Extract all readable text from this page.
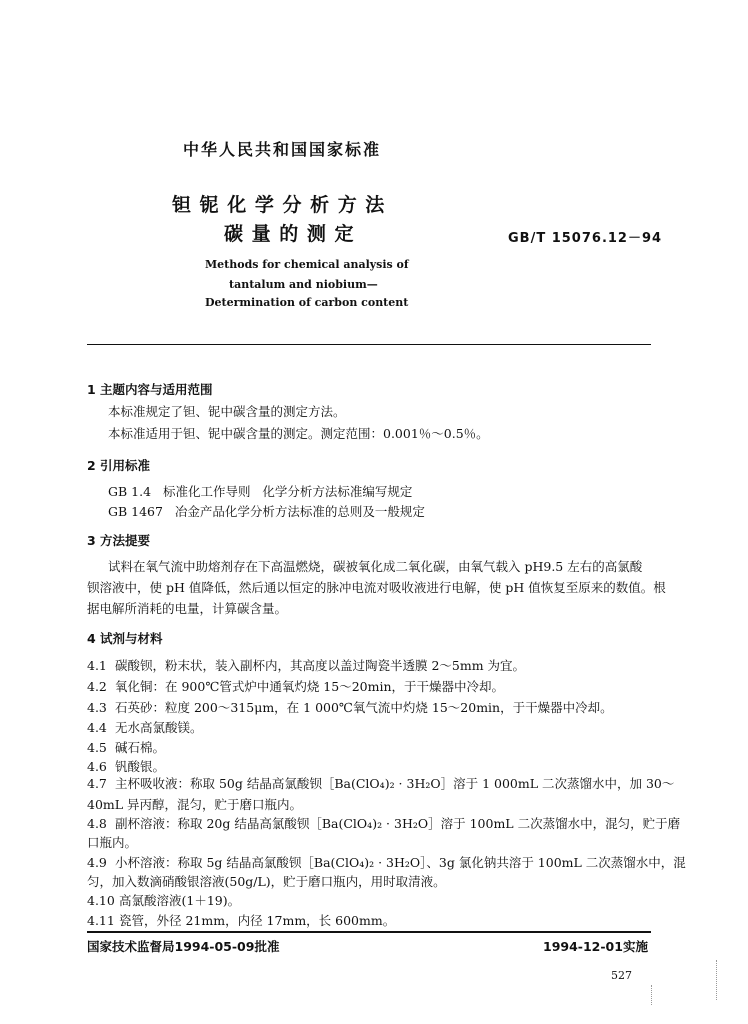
中华人民共和国国家标准
钽 铌 化 学 分 析 方 法
碳 量 的 测 定	GB/T 15076.12－94
Methods for chemical analysis of
tantalum and niobium—
Determination of carbon content
1 主题内容与适用范围
本标准规定了钽、铌中碳含量的测定方法。
本标准适用于钽、铌中碳含量的测定。测定范围：0.001％～0.5％。
2 引用标准
GB 1.4   标准化工作导则   化学分析方法标准编写规定
GB 1467   冶金产品化学分析方法标准的总则及一般规定
3 方法提要
试料在氧气流中助熔剂存在下高温燃烧，碳被氧化成二氧化碳，由氧气载入 pH9.5 左右的高氯酸
钡溶液中，使 pH 值降低，然后通以恒定的脉冲电流对吸收液进行电解，使 pH 值恢复至原来的数值。根
据电解所消耗的电量，计算碳含量。
4 试剂与材料
4.1 碳酸钡，粉末状，装入副杯内，其高度以盖过陶瓷半透膜 2～5mm 为宜。
4.2 氧化铜：在 900℃管式炉中通氧灼烧 15～20min，于干燥器中冷却。
4.3 石英砂：粒度 200～315μm，在 1 000℃氧气流中灼烧 15～20min，于干燥器中冷却。
4.4 无水高氯酸镁。
4.5 碱石棉。
4.6 钒酸银。
4.7 主杯吸收液：称取 50g 结晶高氯酸钡［Ba(ClO₄)₂ · 3H₂O］溶于 1 000mL 二次蒸馏水中，加 30～
40mL 异丙醇，混匀，贮于磨口瓶内。
4.8 副杯溶液：称取 20g 结晶高氯酸钡［Ba(ClO₄)₂ · 3H₂O］溶于 100mL 二次蒸馏水中，混匀，贮于磨
口瓶内。
4.9 小杯溶液：称取 5g 结晶高氯酸钡［Ba(ClO₄)₂ · 3H₂O］、3g 氯化钠共溶于 100mL 二次蒸馏水中，混
匀，加入数滴硝酸银溶液(50g/L)，贮于磨口瓶内，用时取清液。
4.10 高氯酸溶液(1＋19)。
4.11 瓷管，外径 21mm，内径 17mm，长 600mm。
国家技术监督局1994-05-09批准	1994-12-01实施
527
